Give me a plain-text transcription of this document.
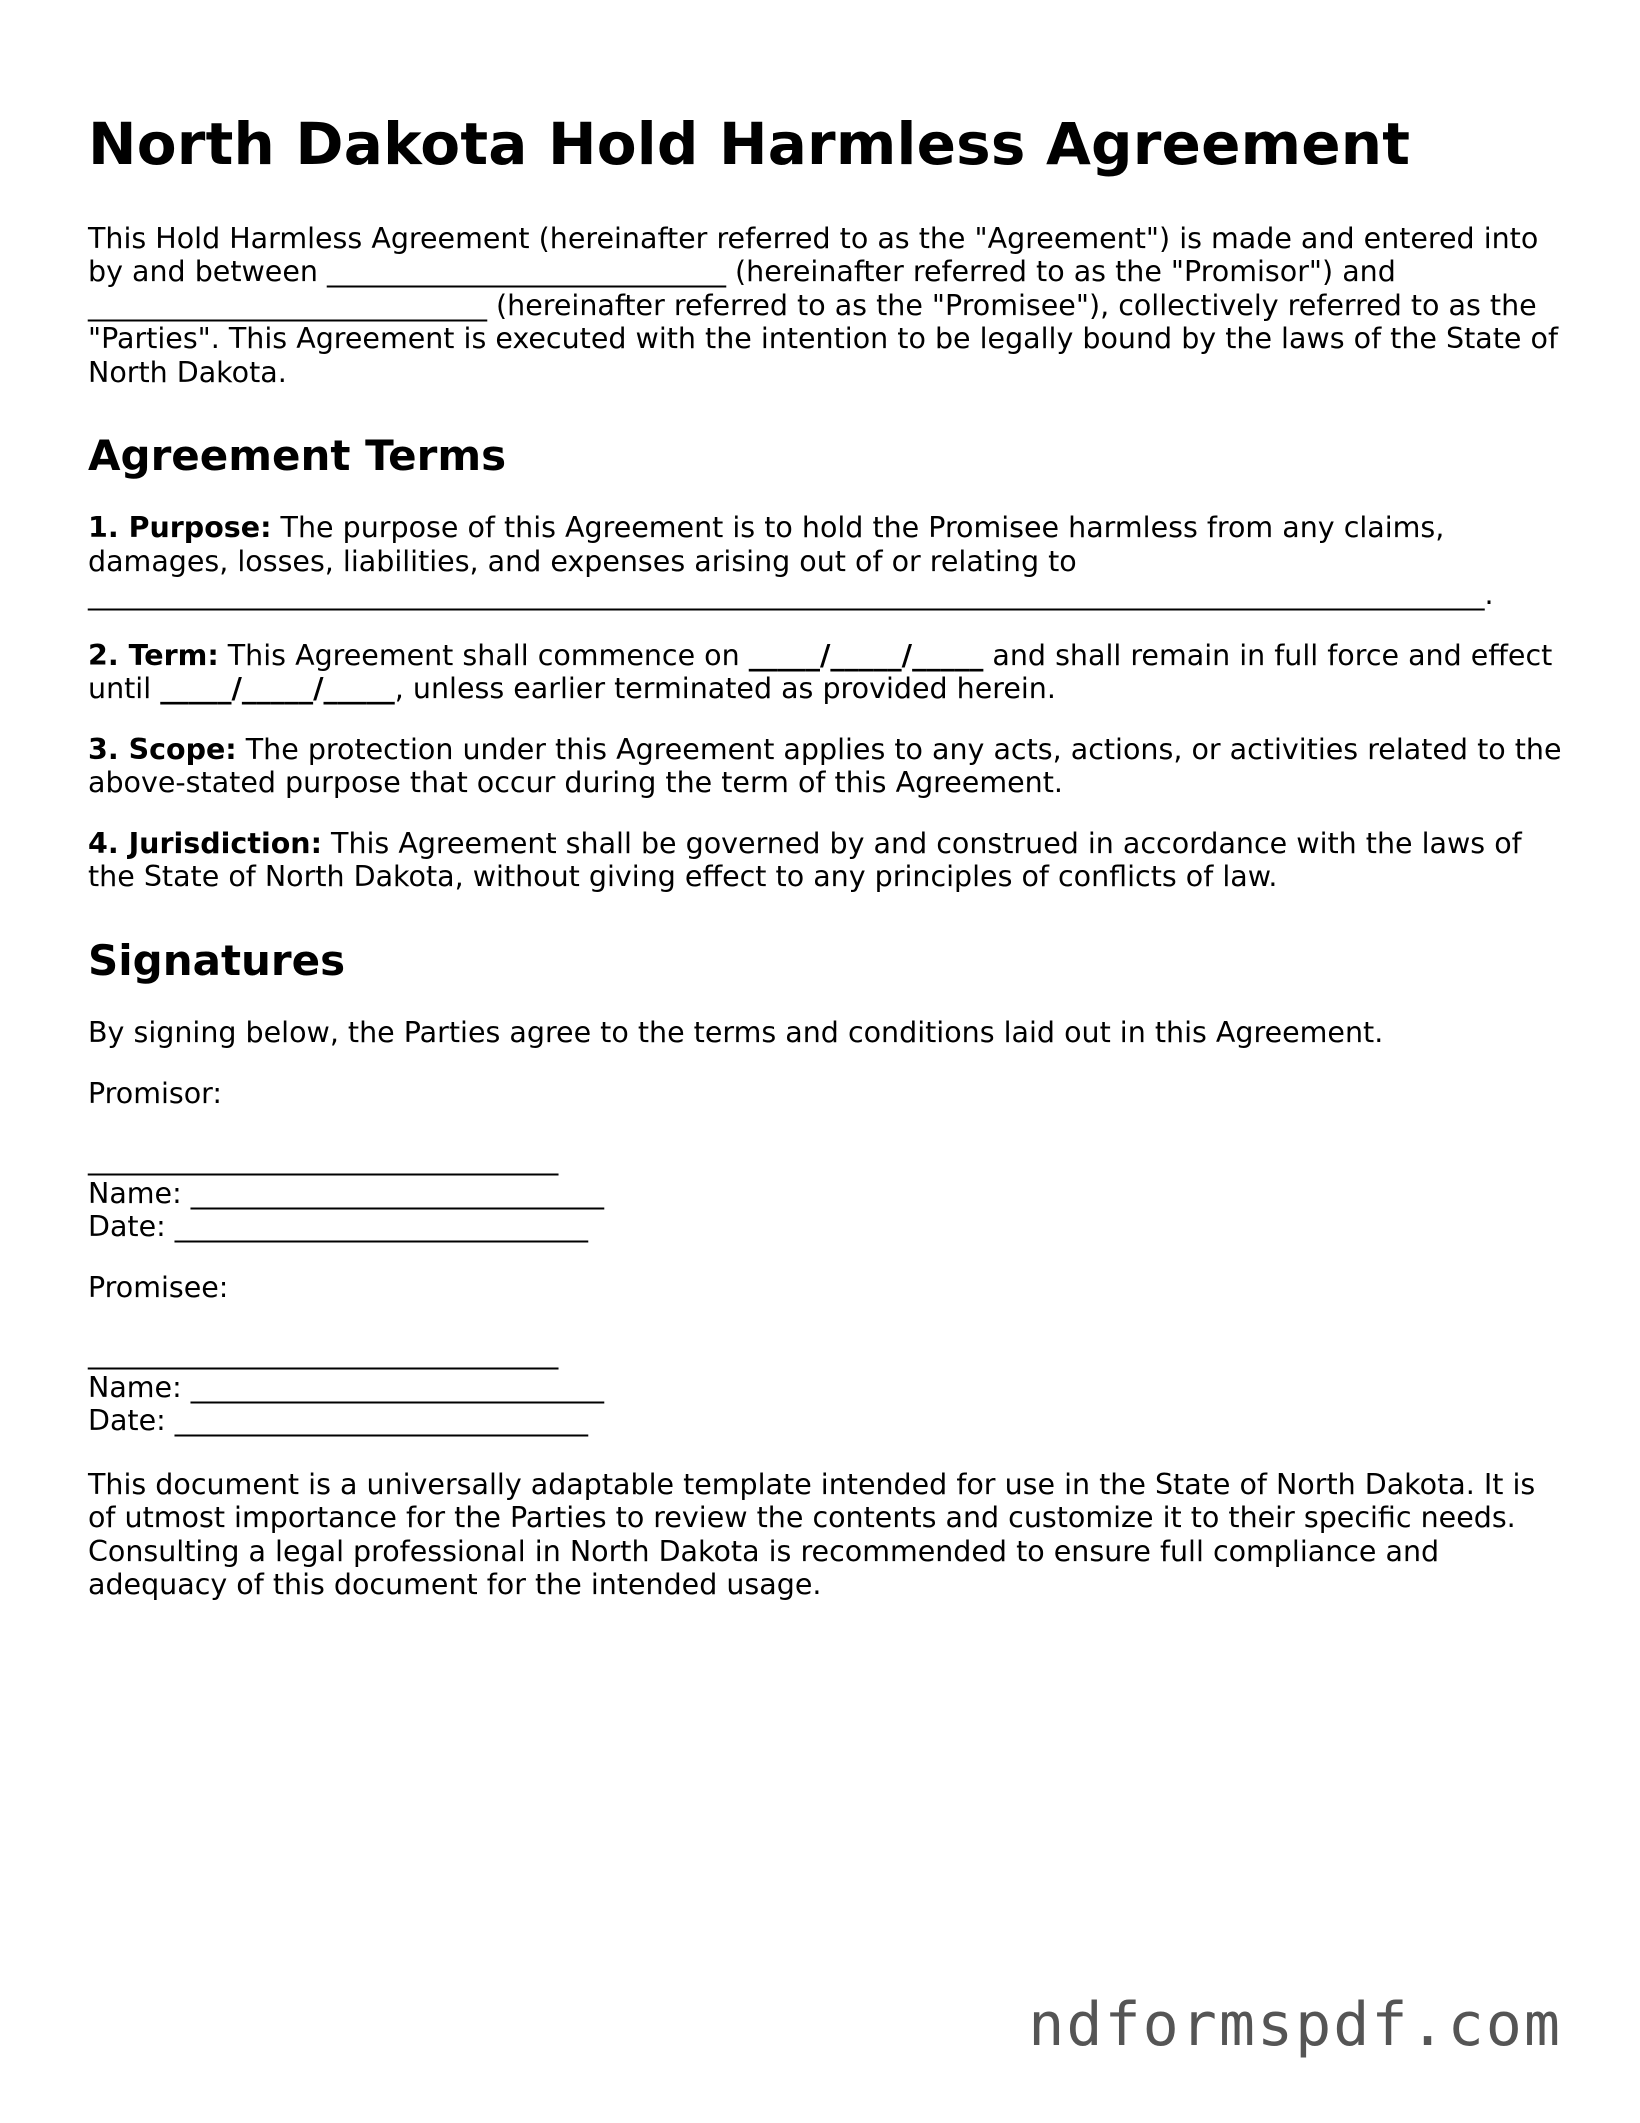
North Dakota Hold Harmless Agreement

This Hold Harmless Agreement (hereinafter referred to as the "Agreement") is made and entered into by and between ____________________________ (hereinafter referred to as the "Promisor") and ____________________________ (hereinafter referred to as the "Promisee"), collectively referred to as the "Parties". This Agreement is executed with the intention to be legally bound by the laws of the State of North Dakota.

Agreement Terms

1. Purpose: The purpose of this Agreement is to hold the Promisee harmless from any claims, damages, losses, liabilities, and expenses arising out of or relating to __________________________________________________________________________________________________.

2. Term: This Agreement shall commence on _____/_____/_____ and shall remain in full force and effect until _____/_____/_____, unless earlier terminated as provided herein.

3. Scope: The protection under this Agreement applies to any acts, actions, or activities related to the above-stated purpose that occur during the term of this Agreement.

4. Jurisdiction: This Agreement shall be governed by and construed in accordance with the laws of the State of North Dakota, without giving effect to any principles of conflicts of law.

Signatures

By signing below, the Parties agree to the terms and conditions laid out in this Agreement.

Promisor:
_________________________________
Name: _____________________________
Date: _____________________________
Promisee:
_________________________________
Name: _____________________________
Date: _____________________________

This document is a universally adaptable template intended for use in the State of North Dakota. It is of utmost importance for the Parties to review the contents and customize it to their specific needs. Consulting a legal professional in North Dakota is recommended to ensure full compliance and adequacy of this document for the intended usage.

ndformspdf.com
